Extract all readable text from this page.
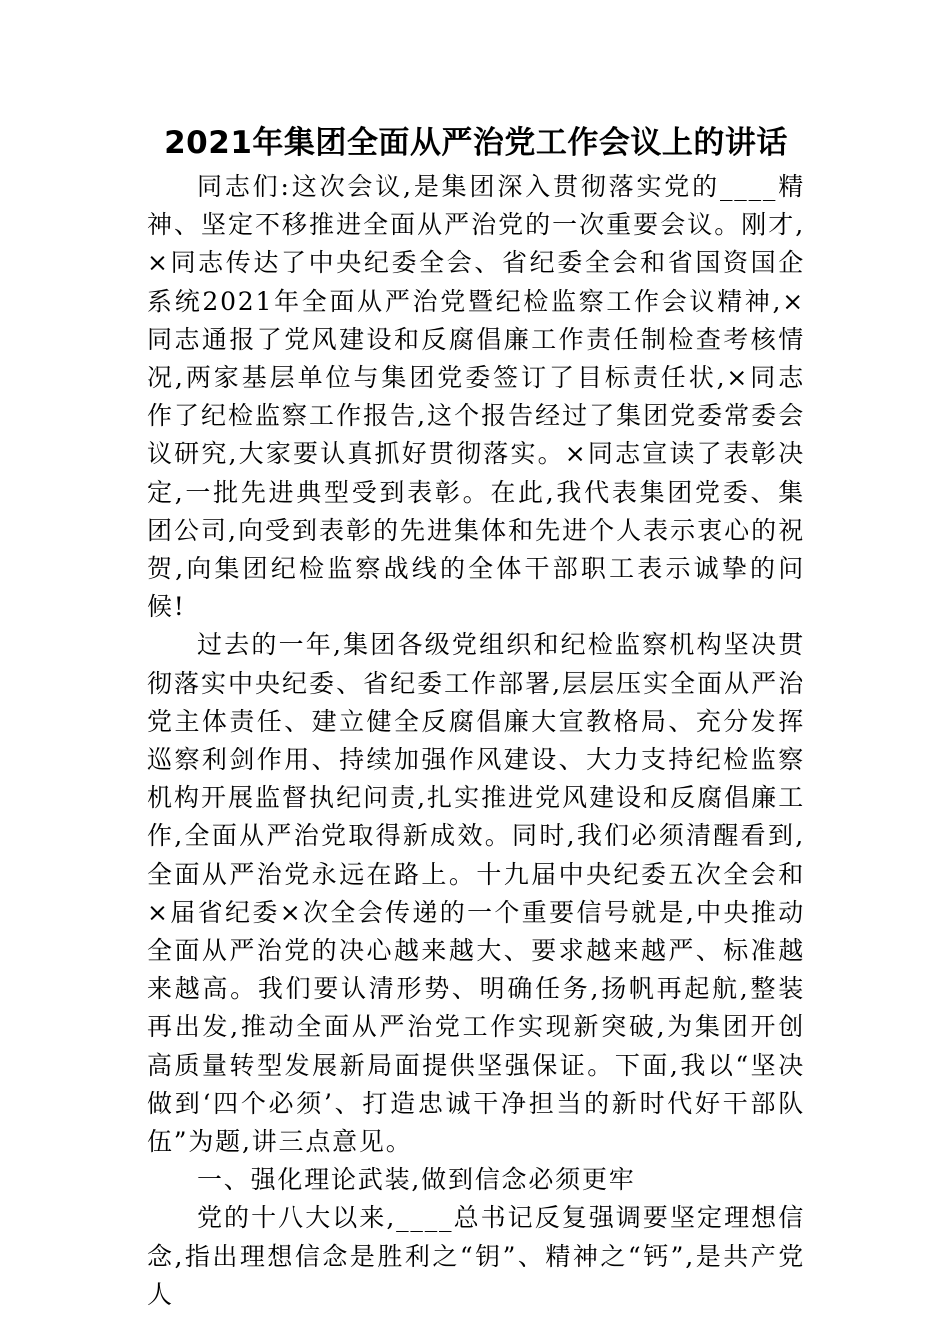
2021年集团全面从严治党工作会议上的讲话

同志们:这次会议,是集团深入贯彻落实党的____精神、坚定不移推进全面从严治党的一次重要会议。刚才,×同志传达了中央纪委全会、省纪委全会和省国资国企系统2021年全面从严治党暨纪检监察工作会议精神,×同志通报了党风建设和反腐倡廉工作责任制检查考核情况,两家基层单位与集团党委签订了目标责任状,×同志作了纪检监察工作报告,这个报告经过了集团党委常委会议研究,大家要认真抓好贯彻落实。×同志宣读了表彰决定,一批先进典型受到表彰。在此,我代表集团党委、集团公司,向受到表彰的先进集体和先进个人表示衷心的祝贺,向集团纪检监察战线的全体干部职工表示诚挚的问候!

过去的一年,集团各级党组织和纪检监察机构坚决贯彻落实中央纪委、省纪委工作部署,层层压实全面从严治党主体责任、建立健全反腐倡廉大宣教格局、充分发挥巡察利剑作用、持续加强作风建设、大力支持纪检监察机构开展监督执纪问责,扎实推进党风建设和反腐倡廉工作,全面从严治党取得新成效。同时,我们必须清醒看到,全面从严治党永远在路上。十九届中央纪委五次全会和×届省纪委×次全会传递的一个重要信号就是,中央推动全面从严治党的决心越来越大、要求越来越严、标准越来越高。我们要认清形势、明确任务,扬帆再起航,整装再出发,推动全面从严治党工作实现新突破,为集团开创高质量转型发展新局面提供坚强保证。下面,我以“坚决做到‘四个必须’、打造忠诚干净担当的新时代好干部队伍”为题,讲三点意见。

一、强化理论武装,做到信念必须更牢

党的十八大以来,____总书记反复强调要坚定理想信念,指出理想信念是胜利之“钥”、精神之“钙”,是共产党人
